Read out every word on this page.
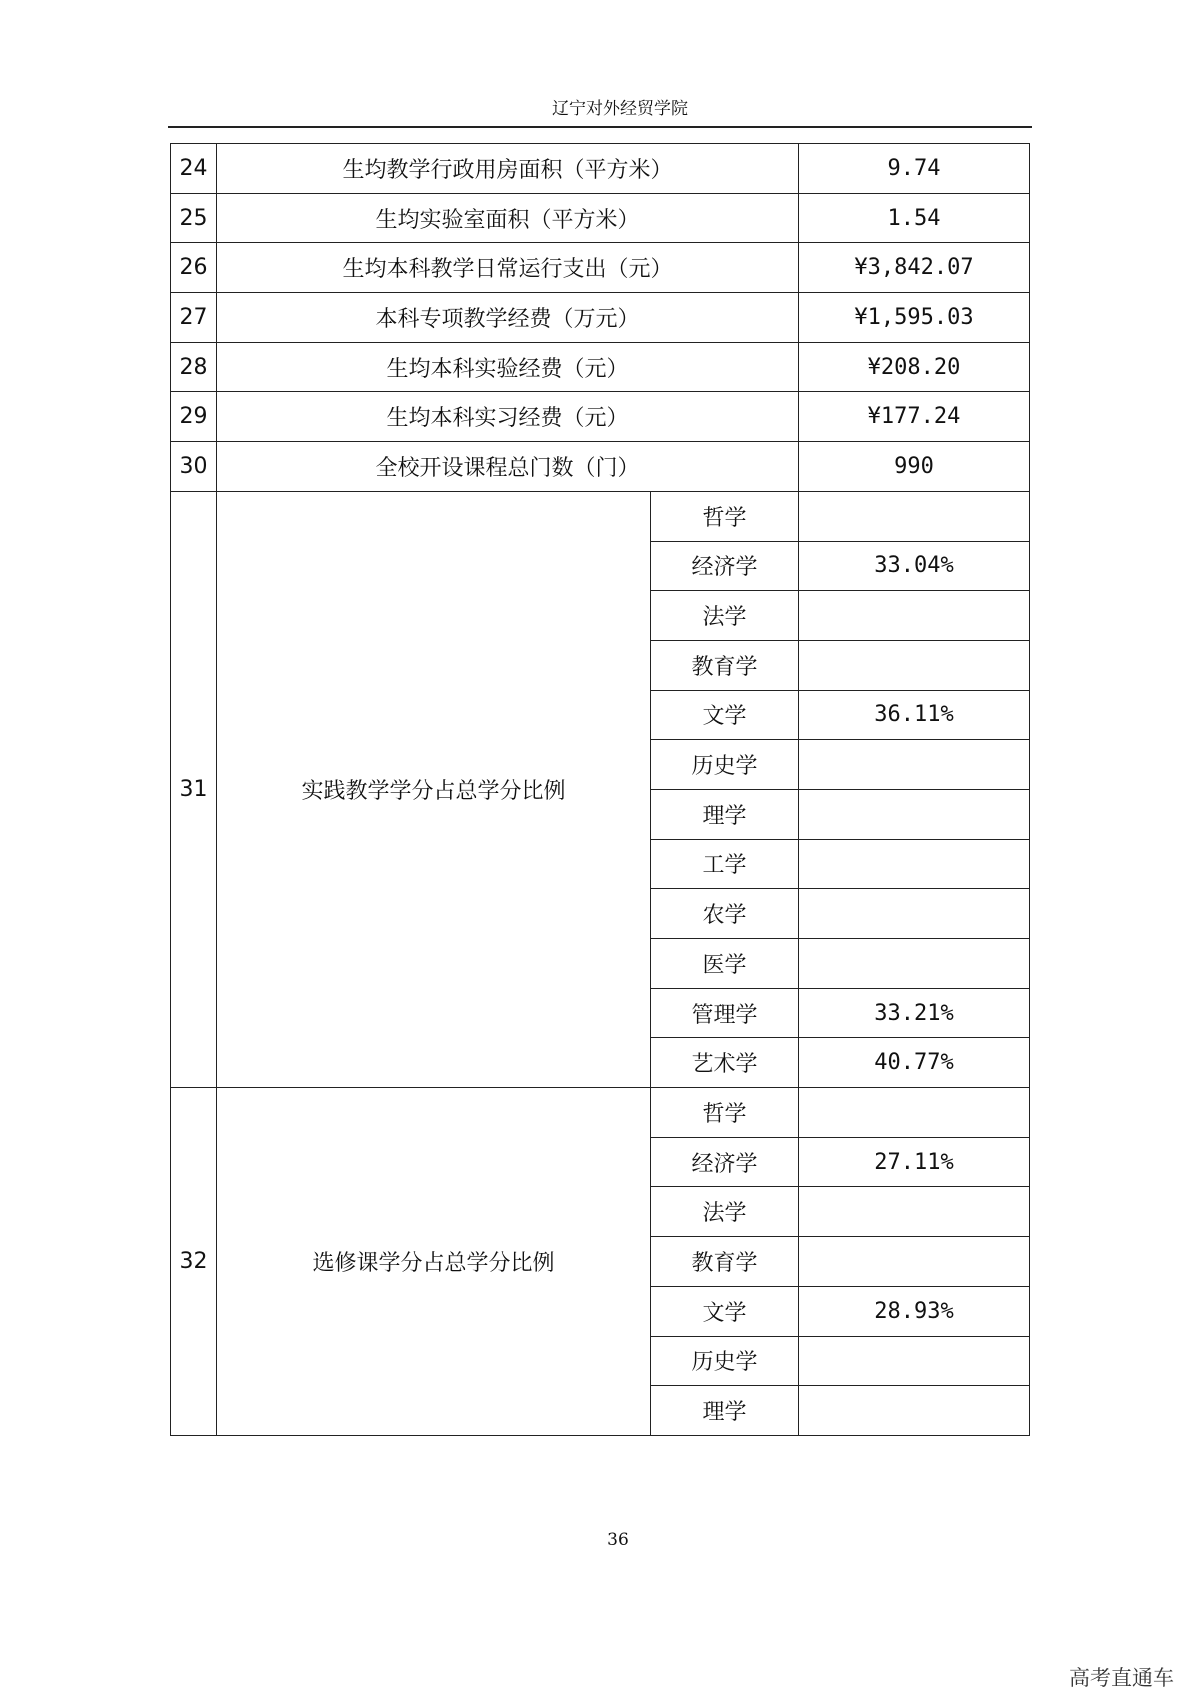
辽宁对外经贸学院
24	生均教学行政用房面积（平方米）		9.74
25	生均实验室面积（平方米）		1.54
26	生均本科教学日常运行支出（元）		¥3,842.07
27	本科专项教学经费（万元）		¥1,595.03
28	生均本科实验经费（元）		¥208.20
29	生均本科实习经费（元）		¥177.24
30	全校开设课程总门数（门）		990
31	实践教学学分占总学分比例	哲学	
		经济学	33.04%
		法学	
		教育学	
		文学	36.11%
		历史学	
		理学	
		工学	
		农学	
		医学	
		管理学	33.21%
		艺术学	40.77%
32	选修课学分占总学分比例	哲学	
		经济学	27.11%
		法学	
		教育学	
		文学	28.93%
		历史学	
		理学	
36
高考直通车
